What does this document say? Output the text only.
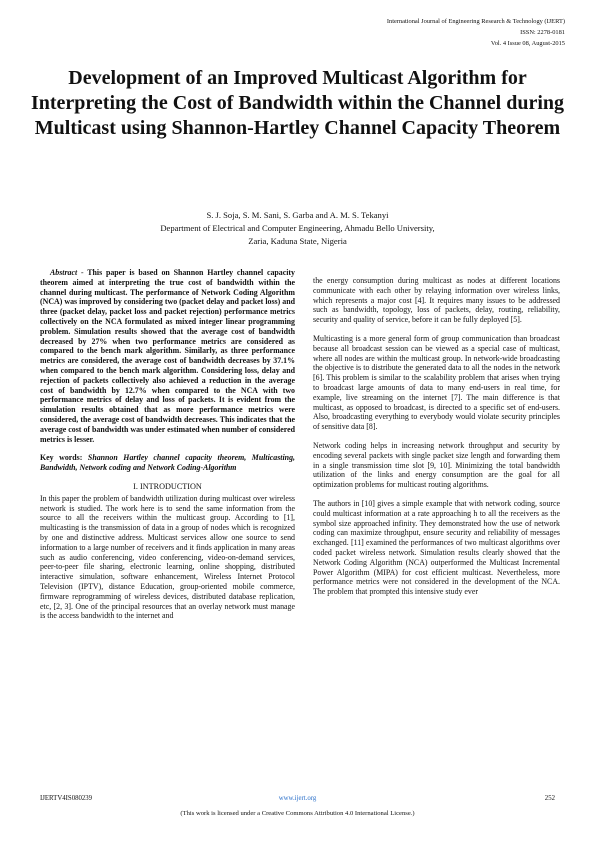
International Journal of Engineering Research & Technology (IJERT)
ISSN: 2278-0181
Vol. 4 Issue 08, August-2015
Development of an Improved Multicast Algorithm for Interpreting the Cost of Bandwidth within the Channel during Multicast using Shannon-Hartley Channel Capacity Theorem
S. J. Soja, S. M. Sani, S. Garba and A. M. S. Tekanyi
Department of Electrical and Computer Engineering, Ahmadu Bello University,
Zaria, Kaduna State, Nigeria

Abstract - This paper is based on Shannon Hartley channel capacity theorem aimed at interpreting the true cost of bandwidth within the channel during multicast. The performance of Network Coding Algorithm (NCA) was improved by considering two (packet delay and packet loss) and three (packet delay, packet loss and packet rejection) performance metrics collectively on the NCA formulated as mixed integer linear programming problem. Simulation results showed that the average cost of bandwidth decreased by 27% when two performance metrics are considered as compared to the bench mark algorithm. Similarly, as three performance metrics are considered, the average cost of bandwidth decreases by 37.1% when compared to the bench mark algorithm. Considering loss, delay and rejection of packets collectively also achieved a reduction in the average cost of bandwidth by 12.7% when compared to the NCA with two performance metrics of delay and loss of packets. It is evident from the simulation results obtained that as more performance metrics were considered, the average cost of bandwidth decreases. This indicates that the average cost of bandwidth was under estimated when number of considered metrics is lesser.

Key words: Shannon Hartley channel capacity theorem, Multicasting, Bandwidth, Network coding and Network Coding-Algorithm

I. INTRODUCTION

In this paper the problem of bandwidth utilization during multicast over wireless network is studied. The work here is to send the same information from the source to all the receivers within the multicast group. According to [1], multicasting is the transmission of data in a group of nodes which is recognized by one and distinctive address. Multicast services allow one source to send information to a large number of receivers and it finds application in many areas such as audio conferencing, video conferencing, video-on-demand services, peer-to-peer file sharing, electronic learning, online shopping, distributed interactive simulation, software enhancement, Wireless Internet Protocol Television (IPTV), distance Education, group-oriented mobile commerce, firmware reprogramming of wireless devices, distributed database replication, etc, [2, 3]. One of the principal resources that an overlay network must manage is the access bandwidth to the internet and

the energy consumption during multicast as nodes at different locations communicate with each other by relaying information over wireless links, which represents a major cost [4]. It requires many issues to be addressed such as bandwidth, topology, loss of packets, delay, routing, reliability, security and quality of service, before it can be fully deployed [5].

Multicasting is a more general form of group communication than broadcast because all broadcast session can be viewed as a special case of multicast, where all nodes are within the multicast group. In network-wide broadcasting the objective is to distribute the generated data to all the nodes in the network [6]. This problem is similar to the scalability problem that arises when trying to broadcast large amounts of data to many end-users in real time, for example, live streaming on the internet [7]. The main difference is that multicast, as opposed to broadcast, is directed to a specific set of end-users. Also, broadcasting everything to everybody would violate security principles of sensitive data [8].

Network coding helps in increasing network throughput and security by encoding several packets with single packet size length and forwarding them in a single transmission time slot [9, 10]. Minimizing the total bandwidth utilization of the links and energy consumption are the goal for all optimization problems for multicast routing algorithms.

The authors in [10] gives a simple example that with network coding, source could multicast information at a rate approaching h to all the receivers as the symbol size approached infinity. They demonstrated how the use of network coding can maximize throughput, ensure security and reliability of messages exchanged. [11] examined the performances of two multicast algorithms over coded packet wireless network. Simulation results clearly showed that the Network Coding Algorithm (NCA) outperformed the Multicast Incremental Power Algorithm (MIPA) for cost efficient multicast. Nevertheless, more performance metrics were not considered in the development of the NCA. The problem that prompted this intensive study ever

IJERTV4IS080239	www.ijert.org	252
(This work is licensed under a Creative Commons Attribution 4.0 International License.)
